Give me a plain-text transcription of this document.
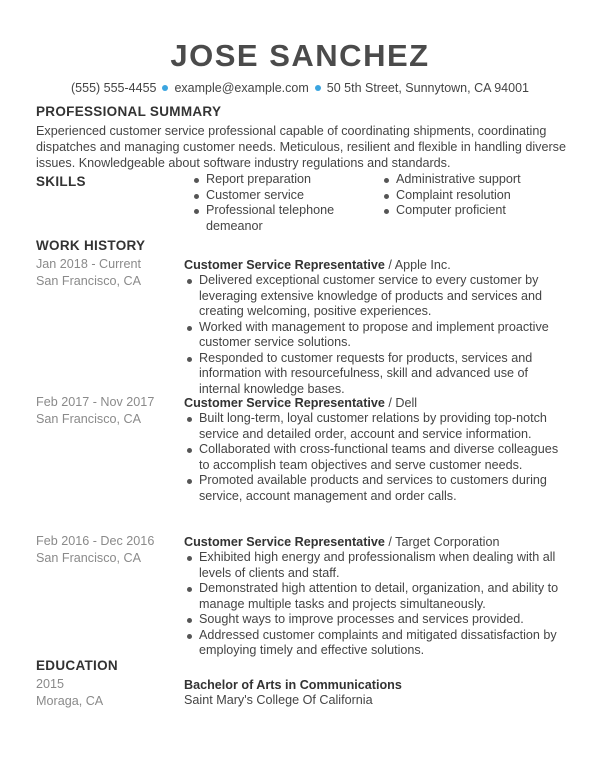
JOSE SANCHEZ
(555) 555-4455 example@example.com 50 5th Street, Sunnytown, CA 94001
PROFESSIONAL SUMMARY
Experienced customer service professional capable of coordinating shipments, coordinating dispatches and managing customer needs. Meticulous, resilient and flexible in handling diverse issues. Knowledgeable about software industry regulations and standards.
SKILLS	Report preparation
Customer service
Professional telephone demeanor
Administrative support
Complaint resolution
Computer proficient
WORK HISTORY
Jan 2018 - Current
San Francisco, CA
Customer Service Representative / Apple Inc.
Delivered exceptional customer service to every customer by leveraging extensive knowledge of products and services and creating welcoming, positive experiences.
Worked with management to propose and implement proactive customer service solutions.
Responded to customer requests for products, services and information with resourcefulness, skill and advanced use of internal knowledge bases.
Feb 2017 - Nov 2017
San Francisco, CA
Customer Service Representative / Dell
Built long-term, loyal customer relations by providing top-notch service and detailed order, account and service information.
Collaborated with cross-functional teams and diverse colleagues to accomplish team objectives and serve customer needs.
Promoted available products and services to customers during service, account management and order calls.
Feb 2016 - Dec 2016
San Francisco, CA
Customer Service Representative / Target Corporation
Exhibited high energy and professionalism when dealing with all levels of clients and staff.
Demonstrated high attention to detail, organization, and ability to manage multiple tasks and projects simultaneously.
Sought ways to improve processes and services provided.
Addressed customer complaints and mitigated dissatisfaction by employing timely and effective solutions.
EDUCATION
2015
Moraga, CA
Bachelor of Arts in Communications
Saint Mary's College Of California
